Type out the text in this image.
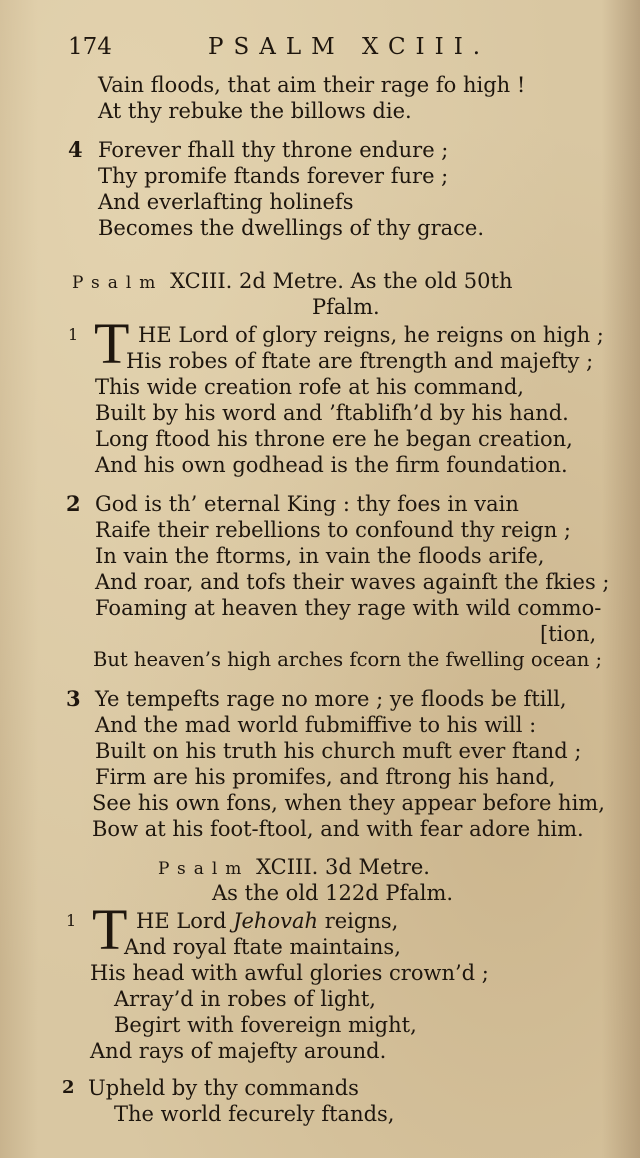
174	PSALM XCIII.
Vain floods, that aim their rage fo high !
At thy rebuke the billows die.
4 Forever fhall thy throne endure ;
Thy promife ftands forever fure ;
And everlafting holinefs
Becomes the dwellings of thy grace.
Psalm XCIII. 2d Metre. As the old 50th
Pfalm.
1 T HE Lord of glory reigns, he reigns on high ;
His robes of ftate are ftrength and majefty ;
This wide creation rofe at his command,
Built by his word and ’ftablifh’d by his hand.
Long ftood his throne ere he began creation,
And his own godhead is the firm foundation.
2 God is th’ eternal King : thy foes in vain
Raife their rebellions to confound thy reign ;
In vain the ftorms, in vain the floods arife,
And roar, and tofs their waves againft the fkies ;
Foaming at heaven they rage with wild commo-
[tion,
But heaven’s high arches fcorn the fwelling ocean ;
3 Ye tempefts rage no more ; ye floods be ftill,
And the mad world fubmiffive to his will :
Built on his truth his church muft ever ftand ;
Firm are his promifes, and ftrong his hand,
See his own fons, when they appear before him,
Bow at his foot-ftool, and with fear adore him.
Psalm XCIII. 3d Metre.
As the old 122d Pfalm.
1 T HE Lord Jehovah reigns,
And royal ftate maintains,
His head with awful glories crown’d ;
Array’d in robes of light,
Begirt with fovereign might,
And rays of majefty around.
2 Upheld by thy commands
The world fecurely ftands,
